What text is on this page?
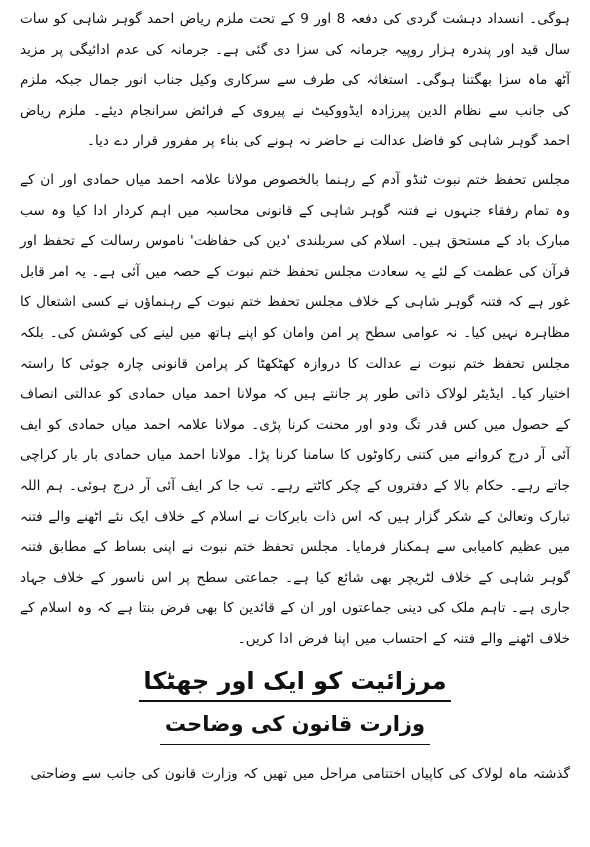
ہوگی۔ انسداد دہشت گردی کی دفعہ 8 اور 9 کے تحت ملزم ریاض احمد گوہر شاہی کو سات سال قید اور پندرہ ہزار روپیہ جرمانہ کی سزا دی گئی ہے۔ جرمانہ کی عدم ادائیگی پر مزید آٹھ ماہ سزا بھگتنا ہوگی۔ استغاثہ کی طرف سے سرکاری وکیل جناب انور جمال جبکہ ملزم کی جانب سے نظام الدین پیرزادہ ایڈووکیٹ نے پیروی کے فرائض سرانجام دیئے۔ ملزم ریاض احمد گوہر شاہی کو فاضل عدالت نے حاضر نہ ہونے کی بناء پر مفرور قرار دے دیا۔

مجلس تحفظ ختم نبوت ٹنڈو آدم کے رہنما بالخصوص مولانا علامہ احمد میاں حمادی اور ان کے وہ تمام رفقاء جنہوں نے فتنہ گوہر شاہی کے قانونی محاسبہ میں اہم کردار ادا کیا وہ سب مبارک باد کے مستحق ہیں۔ اسلام کی سربلندی 'دین کی حفاظت' ناموس رسالت کے تحفظ اور قرآن کی عظمت کے لئے یہ سعادت مجلس تحفظ ختم نبوت کے حصہ میں آئی ہے۔ یہ امر قابل غور ہے کہ فتنہ گوہر شاہی کے خلاف مجلس تحفظ ختم نبوت کے رہنماؤں نے کسی اشتعال کا مظاہرہ نہیں کیا۔ نہ عوامی سطح پر امن وامان کو اپنے ہاتھ میں لینے کی کوشش کی۔ بلکہ مجلس تحفظ ختم نبوت نے عدالت کا دروازہ کھٹکھٹا کر پرامن قانونی چارہ جوئی کا راستہ اختیار کیا۔ ایڈیٹر لولاک ذاتی طور پر جانتے ہیں کہ مولانا احمد میاں حمادی کو عدالتی انصاف کے حصول میں کس قدر تگ ودو اور محنت کرنا پڑی۔ مولانا علامہ احمد میاں حمادی کو ایف آئی آر درج کروانے میں کتنی رکاوٹوں کا سامنا کرنا پڑا۔ مولانا احمد میاں حمادی بار بار کراچی جاتے رہے۔ حکام بالا کے دفتروں کے چکر کاٹتے رہے۔ تب جا کر ایف آئی آر درج ہوئی۔ ہم اللہ تبارک وتعالیٰ کے شکر گزار ہیں کہ اس ذات بابرکات نے اسلام کے خلاف ایک نئے اٹھنے والے فتنہ میں عظیم کامیابی سے ہمکنار فرمایا۔ مجلس تحفظ ختم نبوت نے اپنی بساط کے مطابق فتنہ گوہر شاہی کے خلاف لٹریچر بھی شائع کیا ہے۔ جماعتی سطح پر اس ناسور کے خلاف جہاد جاری ہے۔ تاہم ملک کی دینی جماعتوں اور ان کے قائدین کا بھی فرض بنتا ہے کہ وہ اسلام کے خلاف اٹھنے والے فتنہ کے احتساب میں اپنا فرض ادا کریں۔

مرزائیت کو ایک اور جھٹکا
وزارت قانون کی وضاحت

گذشتہ ماہ لولاک کی کاپیاں اختتامی مراحل میں تھیں کہ وزارت قانون کی جانب سے وضاحتی
